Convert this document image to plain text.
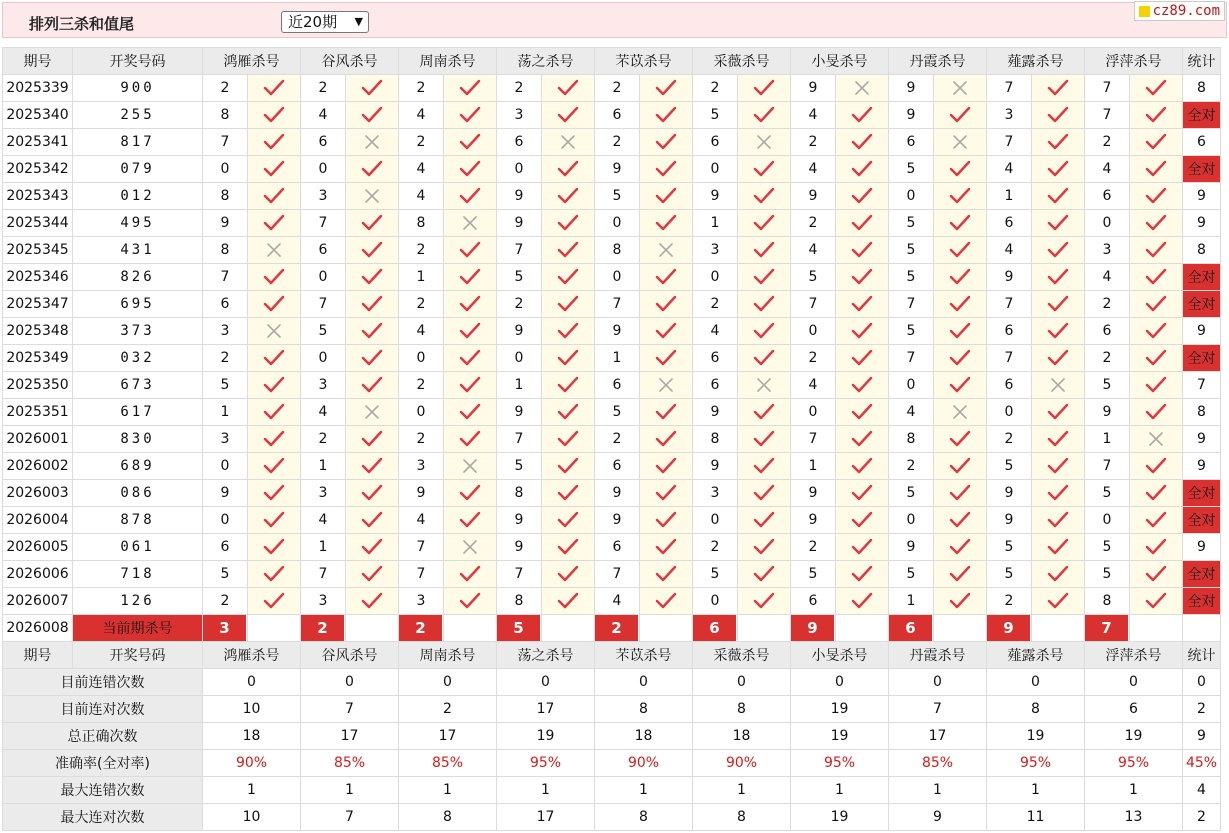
排列三杀和值尾	近20期 ▼
cz89.com
期号	开奖号码	鸿雁杀号		谷风杀号		周南杀号		荡之杀号		芣苡杀号		采薇杀号		小旻杀号		丹霞杀号		薤露杀号		浮萍杀号		统计
2025339	900	2		2		2		2		2		2		9		9		7		7		8
2025340	255	8		4		4		3		6		5		4		9		3		7		全对
2025341	817	7		6		2		6		2		6		2		6		7		2		6
2025342	079	0		0		4		0		9		0		4		5		4		4		全对
2025343	012	8		3		4		9		5		9		9		0		1		6		9
2025344	495	9		7		8		9		0		1		2		5		6		0		9
2025345	431	8		6		2		7		8		3		4		5		4		3		8
2025346	826	7		0		1		5		0		0		5		5		9		4		全对
2025347	695	6		7		2		2		7		2		7		7		7		2		全对
2025348	373	3		5		4		9		9		4		0		5		6		6		9
2025349	032	2		0		0		0		1		6		2		7		7		2		全对
2025350	673	5		3		2		1		6		6		4		0		6		5		7
2025351	617	1		4		0		9		5		9		0		4		0		9		8
2026001	830	3		2		2		7		2		8		7		8		2		1		9
2026002	689	0		1		3		5		6		9		1		2		5		7		9
2026003	086	9		3		9		8		9		3		9		5		9		5		全对
2026004	878	0		4		4		9		9		0		9		0		9		0		全对
2026005	061	6		1		7		9		6		2		2		9		5		5		9
2026006	718	5		7		7		7		7		5		5		5		5		5		全对
2026007	126	2		3		3		8		4		0		6		1		2		8		全对
2026008	当前期杀号	3		2		2		5		2		6		9		6		9		7		

期号	开奖号码	鸿雁杀号		谷风杀号		周南杀号		荡之杀号		芣苡杀号		采薇杀号		小旻杀号		丹霞杀号		薤露杀号		浮萍杀号		统计
目前连错次数		0		0		0		0		0		0		0		0		0		0		0
目前连对次数		10		7		2		17		8		8		19		7		8		6		2
总正确次数		18		17		17		19		18		18		19		17		19		19		9
准确率(全对率)		90%		85%		85%		95%		90%		90%		95%		85%		95%		95%		45%
最大连错次数		1		1		1		1		1		1		1		1		1		1		4
最大连对次数		10		7		8		17		8		8		19		9		11		13		2
